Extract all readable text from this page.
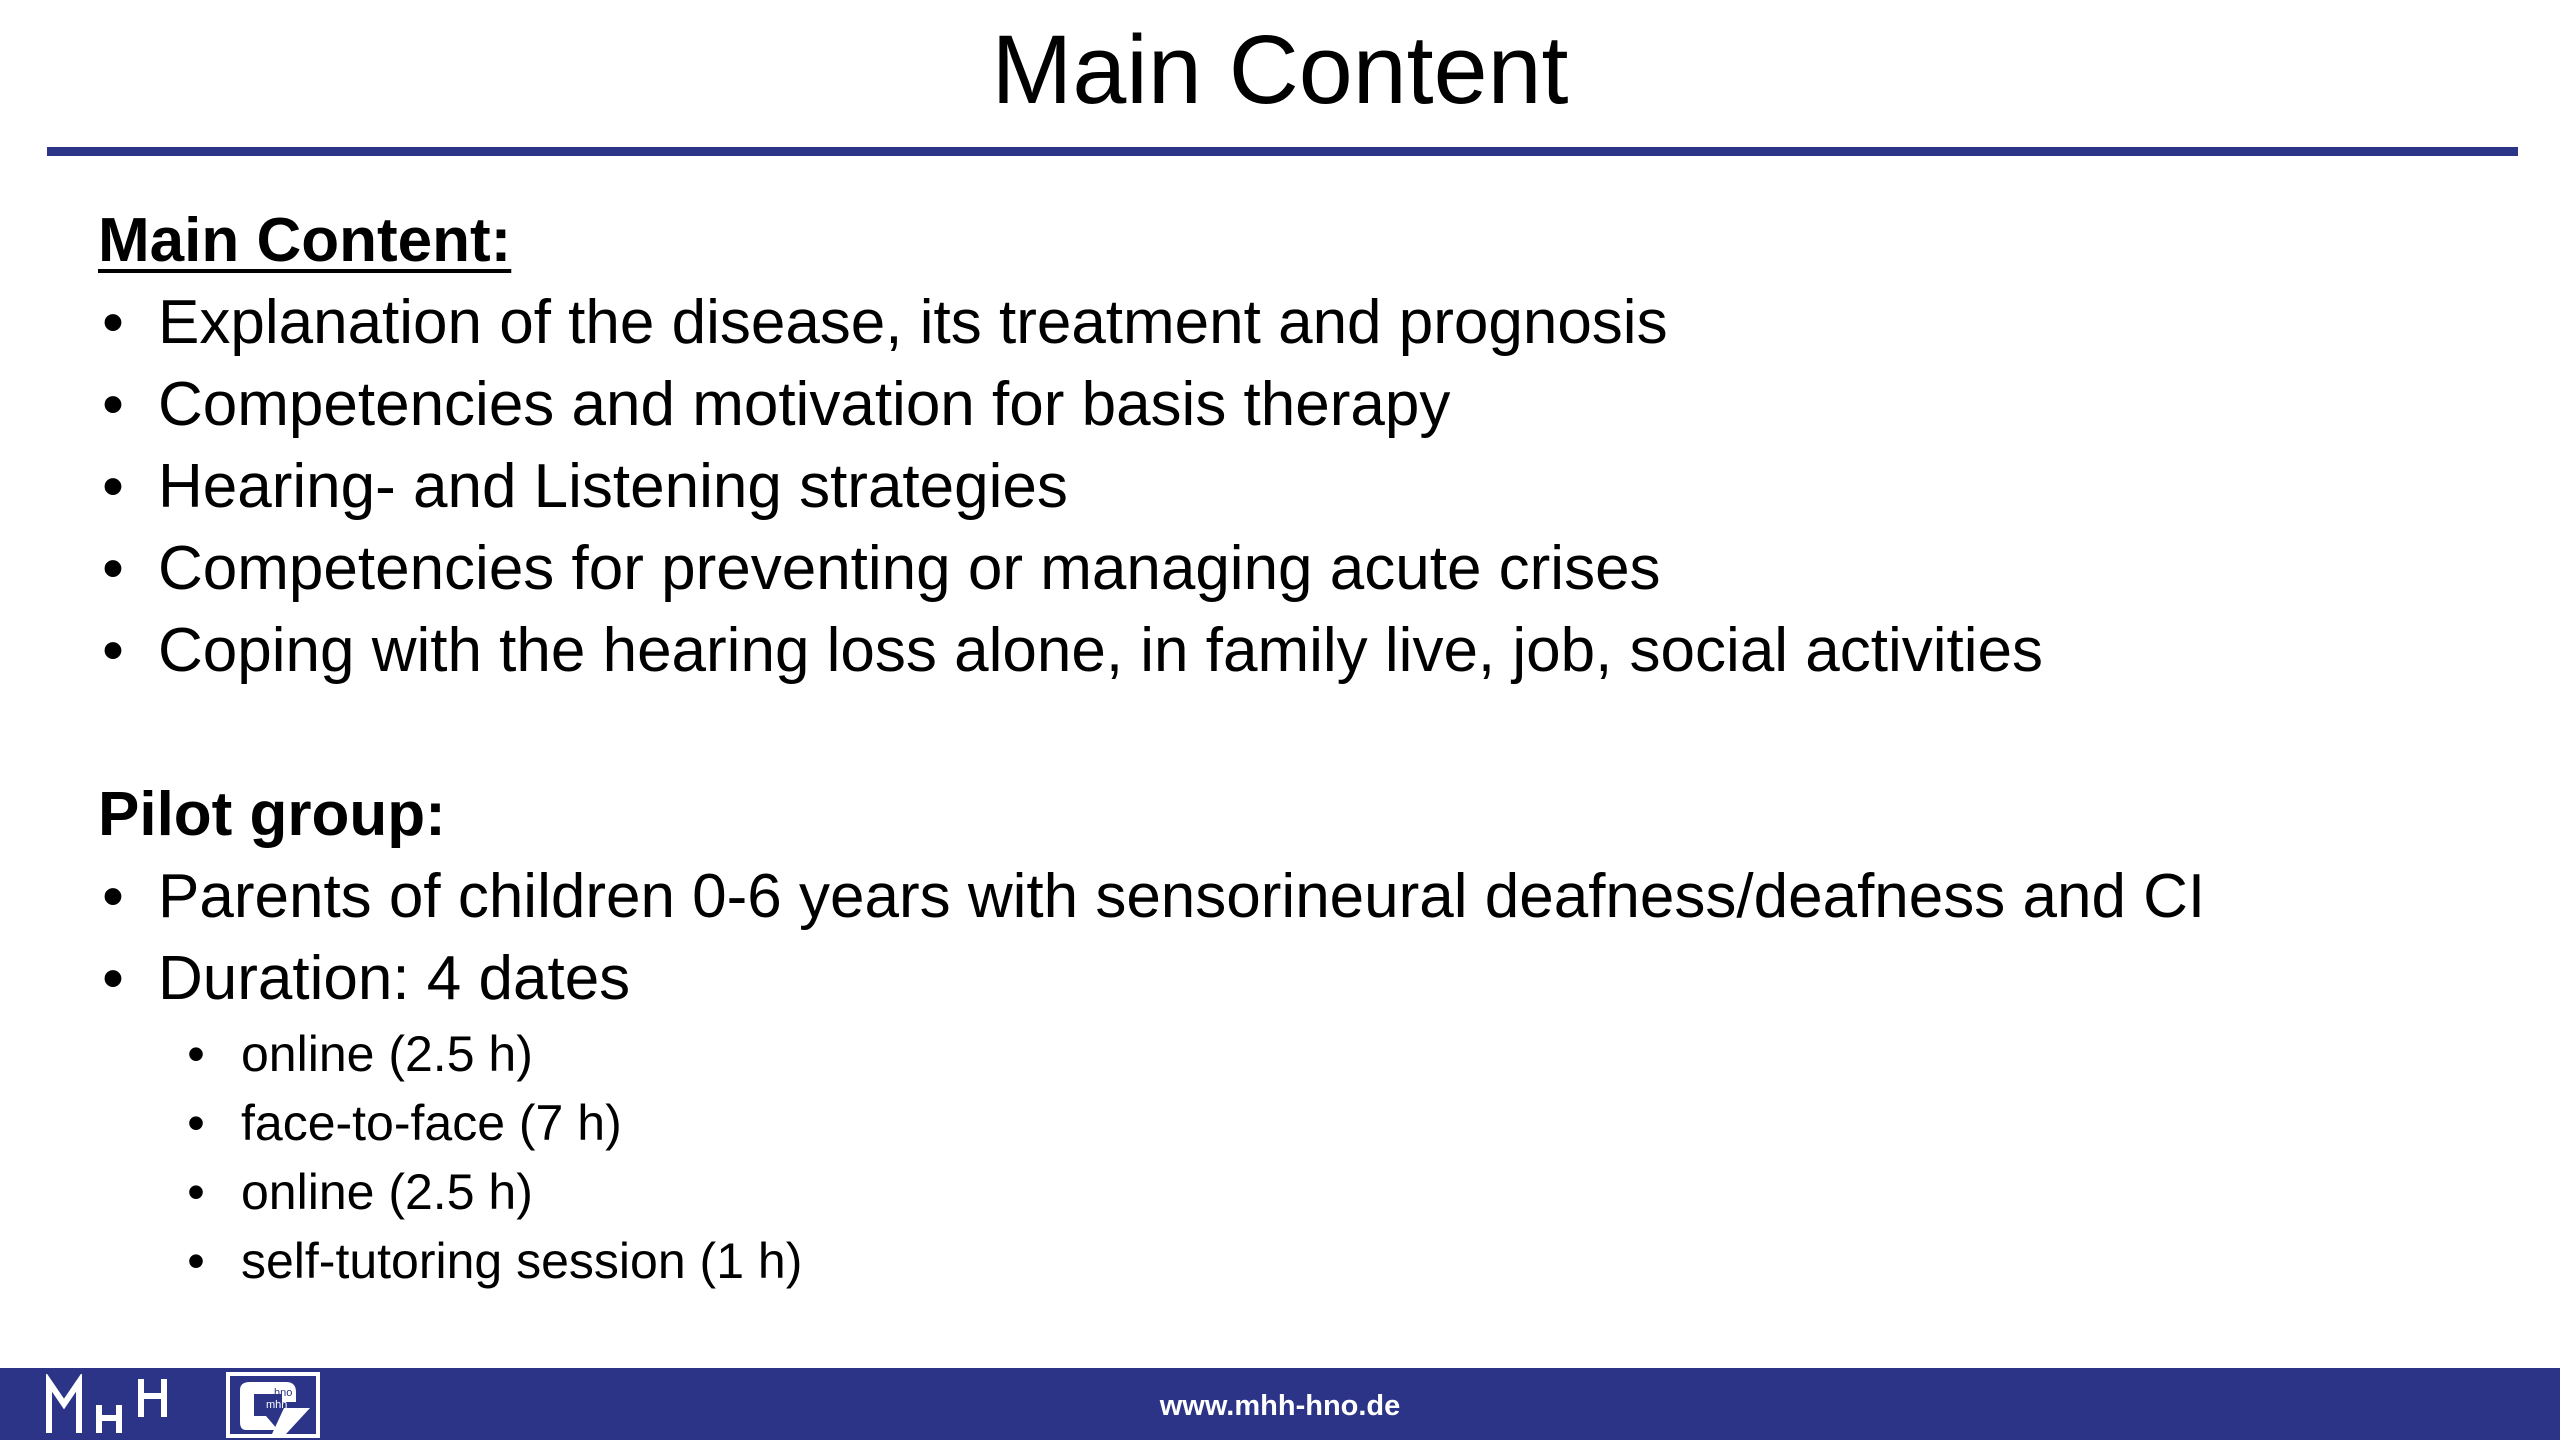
Main Content
Main Content:
• Explanation of the disease, its treatment and prognosis
• Competencies and motivation for basis therapy
• Hearing- and Listening strategies
• Competencies for preventing or managing acute crises
• Coping with the hearing loss alone, in family live, job, social activities
Pilot group:
• Parents of children 0-6 years with sensorineural deafness/deafness and CI
• Duration: 4 dates
• online (2.5 h)
• face-to-face (7 h)
• online (2.5 h)
• self-tutoring session (1 h)
hno
mhh	www.mhh-hno.de
